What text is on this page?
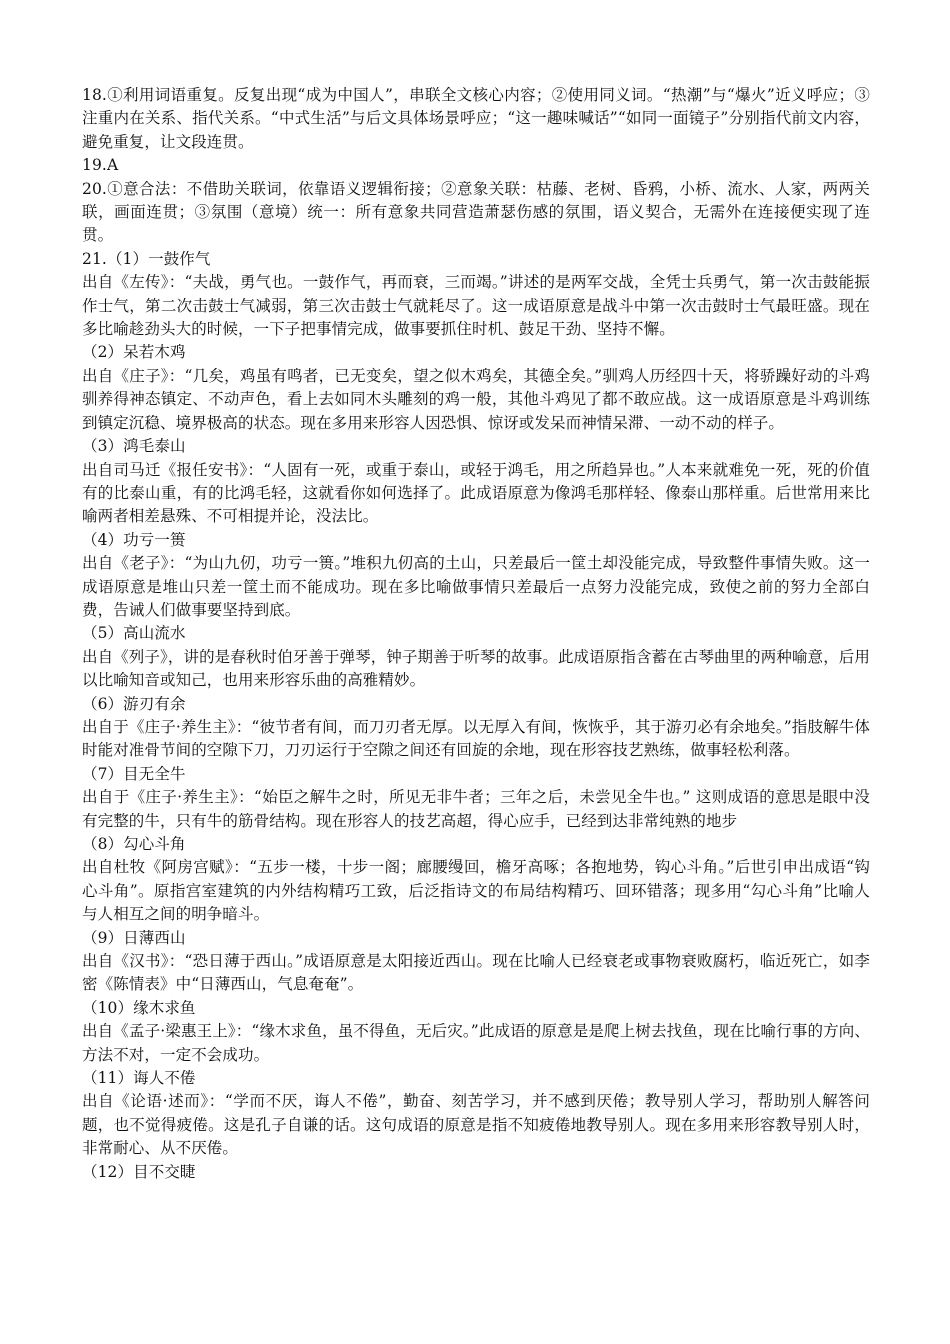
18.①利用词语重复。反复出现“成为中国人”，串联全文核心内容；②使用同义词。“热潮”与“爆火”近义呼应；③注重内在关系、指代关系。“中式生活”与后文具体场景呼应；“这一趣味喊话”“如同一面镜子”分别指代前文内容，避免重复，让文段连贯。

19.A

20.①意合法：不借助关联词，依靠语义逻辑衔接；②意象关联：枯藤、老树、昏鸦，小桥、流水、人家，两两关联，画面连贯；③氛围（意境）统一：所有意象共同营造萧瑟伤感的氛围，语义契合，无需外在连接便实现了连贯。

21.（1）一鼓作气

出自《左传》：“夫战，勇气也。一鼓作气，再而衰，三而竭。”讲述的是两军交战，全凭士兵勇气，第一次击鼓能振作士气，第二次击鼓士气减弱，第三次击鼓士气就耗尽了。这一成语原意是战斗中第一次击鼓时士气最旺盛。现在多比喻趁劲头大的时候，一下子把事情完成，做事要抓住时机、鼓足干劲、坚持不懈。

（2）呆若木鸡

出自《庄子》：“几矣，鸡虽有鸣者，已无变矣，望之似木鸡矣，其德全矣。”驯鸡人历经四十天，将骄躁好动的斗鸡驯养得神态镇定、不动声色，看上去如同木头雕刻的鸡一般，其他斗鸡见了都不敢应战。这一成语原意是斗鸡训练到镇定沉稳、境界极高的状态。现在多用来形容人因恐惧、惊讶或发呆而神情呆滞、一动不动的样子。

（3）鸿毛泰山

出自司马迁《报任安书》：“人固有一死，或重于泰山，或轻于鸿毛，用之所趋异也。”人本来就难免一死，死的价值有的比泰山重，有的比鸿毛轻，这就看你如何选择了。此成语原意为像鸿毛那样轻、像泰山那样重。后世常用来比喻两者相差悬殊、不可相提并论，没法比。

（4）功亏一篑

出自《老子》：“为山九仞，功亏一篑。”堆积九仞高的土山，只差最后一筐土却没能完成，导致整件事情失败。这一成语原意是堆山只差一筐土而不能成功。现在多比喻做事情只差最后一点努力没能完成，致使之前的努力全部白费，告诫人们做事要坚持到底。

（5）高山流水

出自《列子》，讲的是春秋时伯牙善于弹琴，钟子期善于听琴的故事。此成语原指含蓄在古琴曲里的两种喻意，后用以比喻知音或知己，也用来形容乐曲的高雅精妙。

（6）游刃有余

出自于《庄子·养生主》：“彼节者有间，而刀刃者无厚。以无厚入有间，恢恢乎，其于游刃必有余地矣。”指肢解牛体时能对准骨节间的空隙下刀，刀刃运行于空隙之间还有回旋的余地，现在形容技艺熟练，做事轻松利落。

（7）目无全牛

出自于《庄子·养生主》：“始臣之解牛之时，所见无非牛者；三年之后，未尝见全牛也。” 这则成语的意思是眼中没有完整的牛，只有牛的筋骨结构。现在形容人的技艺高超，得心应手，已经到达非常纯熟的地步

（8）勾心斗角

出自杜牧《阿房宫赋》：“五步一楼，十步一阁；廊腰缦回，檐牙高啄；各抱地势，钩心斗角。”后世引申出成语“钩心斗角”。原指宫室建筑的内外结构精巧工致，后泛指诗文的布局结构精巧、回环错落；现多用“勾心斗角”比喻人与人相互之间的明争暗斗。

（9）日薄西山

出自《汉书》：“恐日薄于西山。”成语原意是太阳接近西山。现在比喻人已经衰老或事物衰败腐朽，临近死亡，如李密《陈情表》中“日薄西山，气息奄奄”。

（10）缘木求鱼

出自《孟子·梁惠王上》：“缘木求鱼，虽不得鱼，无后灾。”此成语的原意是是爬上树去找鱼，现在比喻行事的方向、方法不对，一定不会成功。

（11）诲人不倦

出自《论语·述而》：“学而不厌，诲人不倦”，勤奋、刻苦学习，并不感到厌倦；教导别人学习，帮助别人解答问题，也不觉得疲倦。这是孔子自谦的话。这句成语的原意是指不知疲倦地教导别人。现在多用来形容教导别人时，非常耐心、从不厌倦。

（12）目不交睫
